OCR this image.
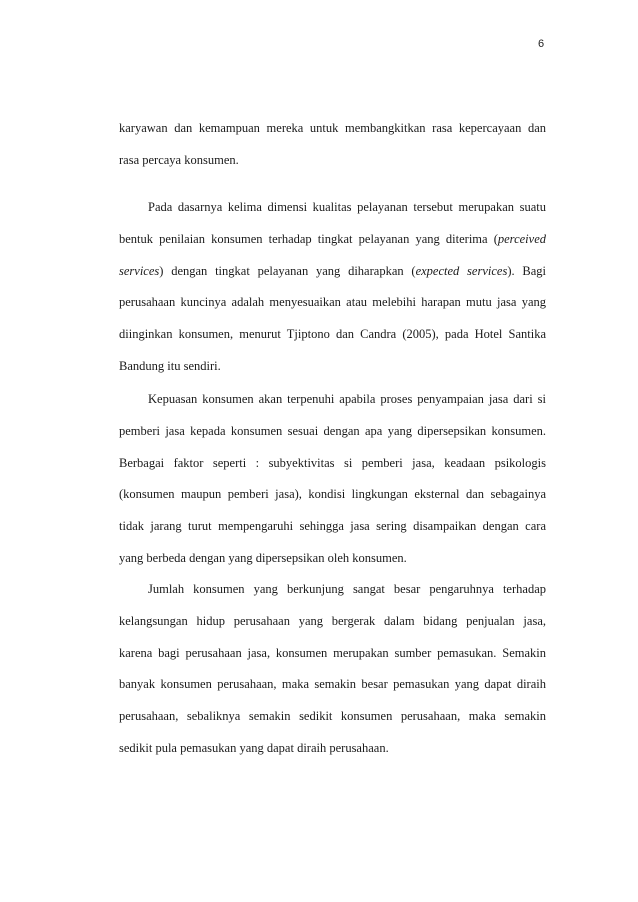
6
karyawan dan kemampuan mereka untuk membangkitkan rasa kepercayaan dan
rasa percaya konsumen.
Pada dasarnya kelima dimensi kualitas pelayanan tersebut merupakan suatu
bentuk penilaian konsumen terhadap tingkat pelayanan yang diterima (perceived
services) dengan tingkat pelayanan yang diharapkan (expected services). Bagi
perusahaan kuncinya adalah menyesuaikan atau melebihi harapan mutu jasa yang
diinginkan konsumen, menurut Tjiptono dan Candra (2005), pada Hotel Santika
Bandung itu sendiri.
Kepuasan konsumen akan terpenuhi apabila proses penyampaian jasa dari si
pemberi jasa kepada konsumen sesuai dengan apa yang dipersepsikan konsumen.
Berbagai faktor seperti : subyektivitas si pemberi jasa, keadaan psikologis
(konsumen maupun pemberi jasa), kondisi lingkungan eksternal dan sebagainya
tidak jarang turut mempengaruhi sehingga jasa sering disampaikan dengan cara
yang berbeda dengan yang dipersepsikan oleh konsumen.
Jumlah konsumen yang berkunjung sangat besar pengaruhnya terhadap
kelangsungan hidup perusahaan yang bergerak dalam bidang penjualan jasa,
karena bagi perusahaan jasa, konsumen merupakan sumber pemasukan. Semakin
banyak konsumen perusahaan, maka semakin besar pemasukan yang dapat diraih
perusahaan, sebaliknya semakin sedikit konsumen perusahaan, maka semakin
sedikit pula pemasukan yang dapat diraih perusahaan.
